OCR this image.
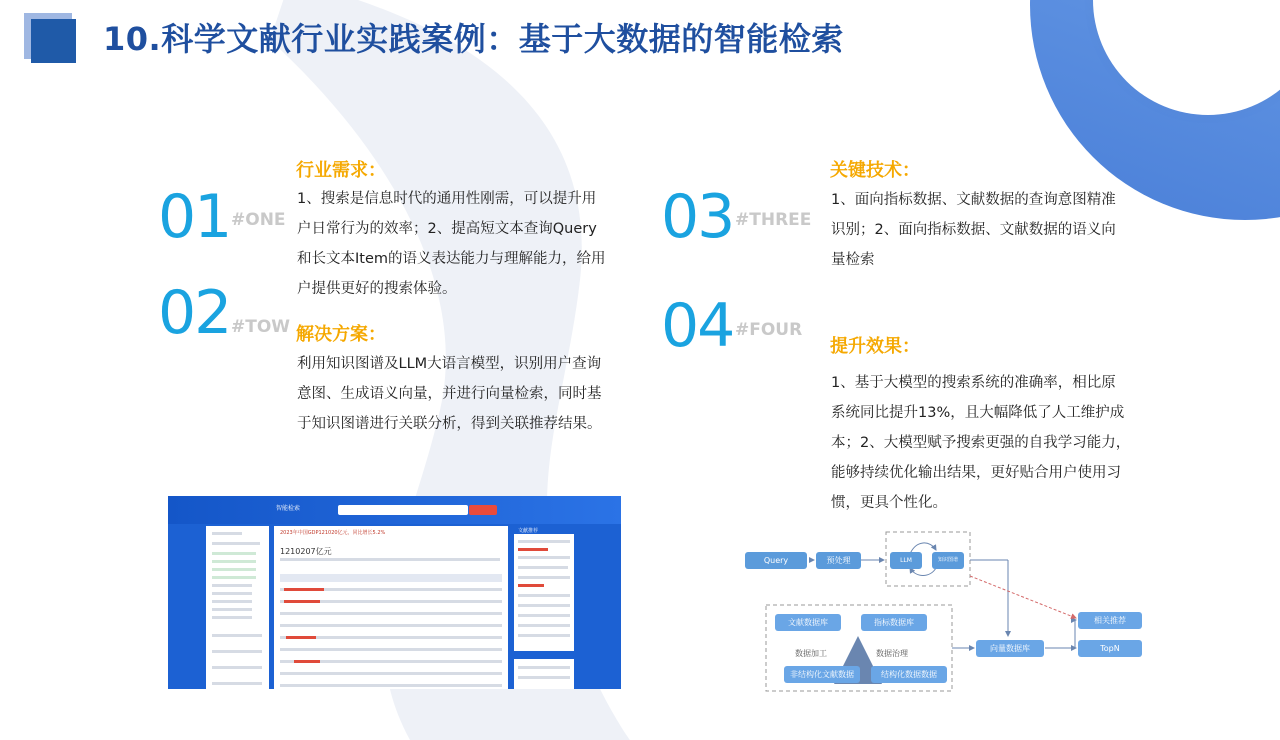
10.科学文献行业实践案例：基于大数据的智能检索
01 #ONE
行业需求：
1、搜索是信息时代的通用性刚需，可以提升用
户日常行为的效率；2、提高短文本查询Query
和长文本Item的语义表达能力与理解能力，给用
户提供更好的搜索体验。
02 #TOW 解决方案：
利用知识图谱及LLM大语言模型，识别用户查询
意图、生成语义向量，并进行向量检索，同时基
于知识图谱进行关联分析，得到关联推荐结果。
03 #THREE
关键技术：
1、面向指标数据、文献数据的查询意图精准
识别；2、面向指标数据、文献数据的语义向
量检索
04 #FOUR
提升效果：
1、基于大模型的搜索系统的准确率，相比原
系统同比提升13%，且大幅降低了人工维护成
本；2、大模型赋予搜索更强的自我学习能力，
能够持续优化输出结果，更好贴合用户使用习
惯，更具个性化。
智能检索
2023年中国GDP121020亿元，同比增长5.2%
1210207亿元
文献推荐
Query	预处理	LLM	知识图谱
相关推荐
TopN
向量数据库
文献数据库	指标数据库
数据加工	数据治理
非结构化文献数据	结构化数据数据
